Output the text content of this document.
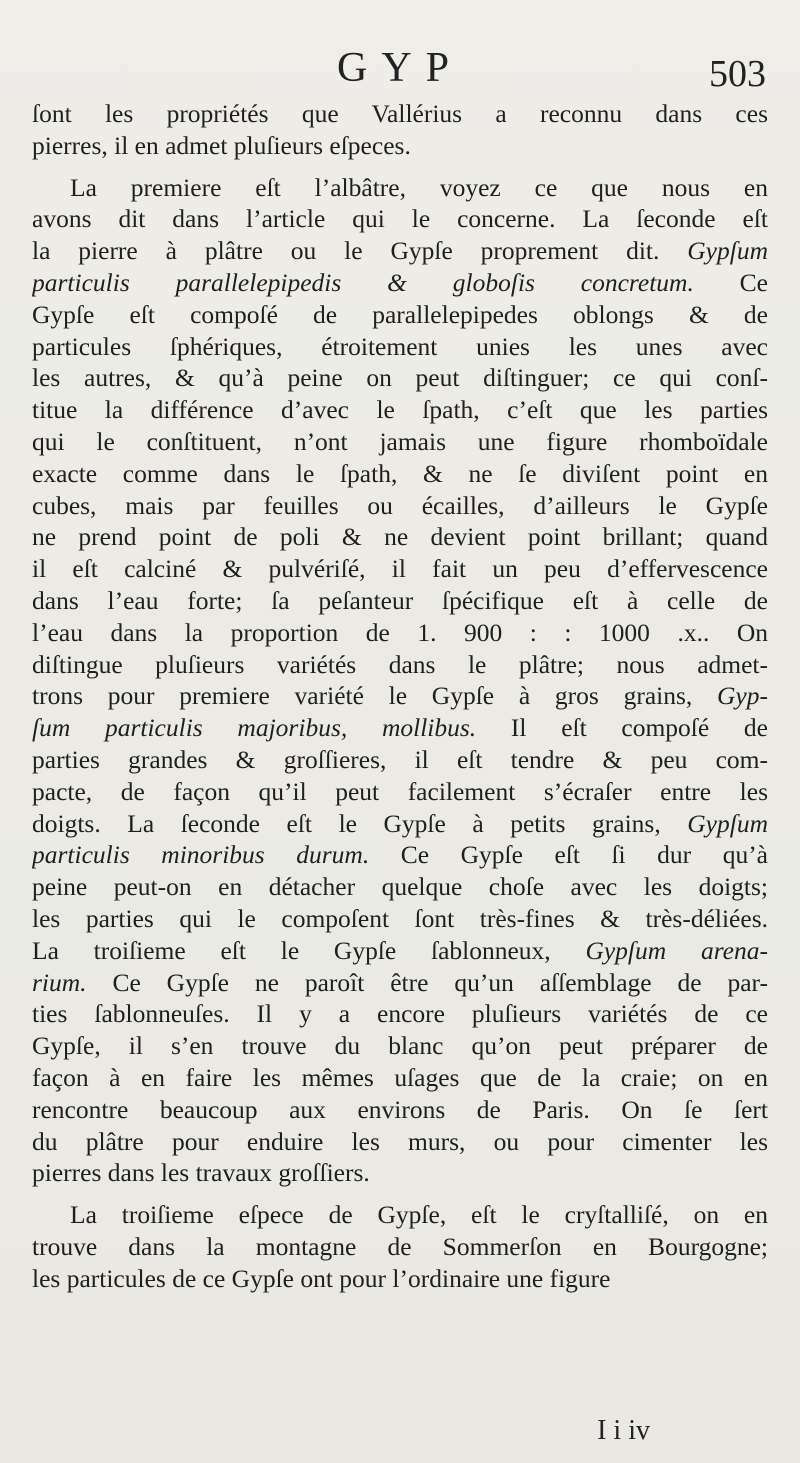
GYP	503
ſont les propriétés que Vallérius a reconnu dans ces
pierres, il en admet pluſieurs eſpeces.
La premiere eſt l’albâtre, voyez ce que nous en
avons dit dans l’article qui le concerne. La ſeconde eſt
la pierre à plâtre ou le Gypſe proprement dit. Gypſum
particulis parallelepipedis & globoſis concretum. Ce
Gypſe eſt compoſé de parallelepipedes oblongs & de
particules ſphériques, étroitement unies les unes avec
les autres, & qu’à peine on peut diſtinguer; ce qui conſ-
titue la différence d’avec le ſpath, c’eſt que les parties
qui le conſtituent, n’ont jamais une figure rhomboïdale
exacte comme dans le ſpath, & ne ſe diviſent point en
cubes, mais par feuilles ou écailles, d’ailleurs le Gypſe
ne prend point de poli & ne devient point brillant; quand
il eſt calciné & pulvériſé, il fait un peu d’effervescence
dans l’eau forte; ſa peſanteur ſpécifique eſt à celle de
l’eau dans la proportion de 1. 900 : : 1000 .x.. On
diſtingue pluſieurs variétés dans le plâtre; nous admet-
trons pour premiere variété le Gypſe à gros grains, Gyp-
ſum particulis majoribus, mollibus. Il eſt compoſé de
parties grandes & groſſieres, il eſt tendre & peu com-
pacte, de façon qu’il peut facilement s’écraſer entre les
doigts. La ſeconde eſt le Gypſe à petits grains, Gypſum
particulis minoribus durum. Ce Gypſe eſt ſi dur qu’à
peine peut-on en détacher quelque choſe avec les doigts;
les parties qui le compoſent ſont très-fines & très-déliées.
La troiſieme eſt le Gypſe ſablonneux, Gypſum arena-
rium. Ce Gypſe ne paroît être qu’un aſſemblage de par-
ties ſablonneuſes. Il y a encore pluſieurs variétés de ce
Gypſe, il s’en trouve du blanc qu’on peut préparer de
façon à en faire les mêmes uſages que de la craie; on en
rencontre beaucoup aux environs de Paris. On ſe ſert
du plâtre pour enduire les murs, ou pour cimenter les
pierres dans les travaux groſſiers.
La troiſieme eſpece de Gypſe, eſt le cryſtalliſé, on en
trouve dans la montagne de Sommerſon en Bourgogne;
les particules de ce Gypſe ont pour l’ordinaire une figure
I i iv
